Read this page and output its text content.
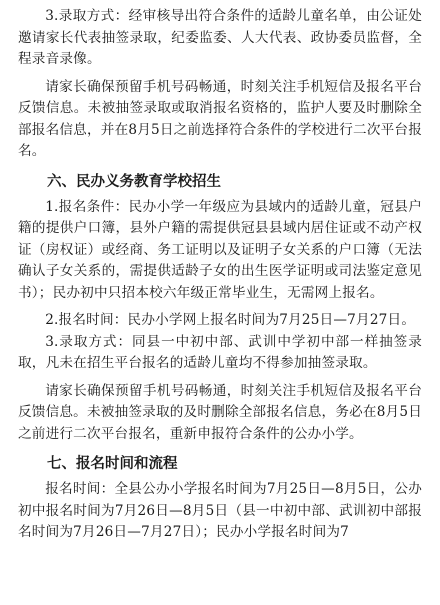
3.录取方式：经审核导出符合条件的适龄儿童名单，由公证处邀请家长代表抽签录取，纪委监委、人大代表、政协委员监督，全程录音录像。

请家长确保预留手机号码畅通，时刻关注手机短信及报名平台反馈信息。未被抽签录取或取消报名资格的，监护人要及时删除全部报名信息，并在8月5日之前选择符合条件的学校进行二次平台报名。

六、民办义务教育学校招生

1.报名条件：民办小学一年级应为县域内的适龄儿童，冠县户籍的提供户口簿，县外户籍的需提供冠县县域内居住证或不动产权证（房权证）或经商、务工证明以及证明子女关系的户口簿（无法确认子女关系的，需提供适龄子女的出生医学证明或司法鉴定意见书）；民办初中只招本校六年级正常毕业生，无需网上报名。

2.报名时间：民办小学网上报名时间为7月25日—7月27日。

3.录取方式：同县一中初中部、武训中学初中部一样抽签录取，凡未在招生平台报名的适龄儿童均不得参加抽签录取。

请家长确保预留手机号码畅通，时刻关注手机短信及报名平台反馈信息。未被抽签录取的及时删除全部报名信息，务必在8月5日之前进行二次平台报名，重新申报符合条件的公办小学。

七、报名时间和流程

报名时间：全县公办小学报名时间为7月25日—8月5日，公办初中报名时间为7月26日—8月5日（县一中初中部、武训初中部报名时间为7月26日—7月27日）；民办小学报名时间为7
